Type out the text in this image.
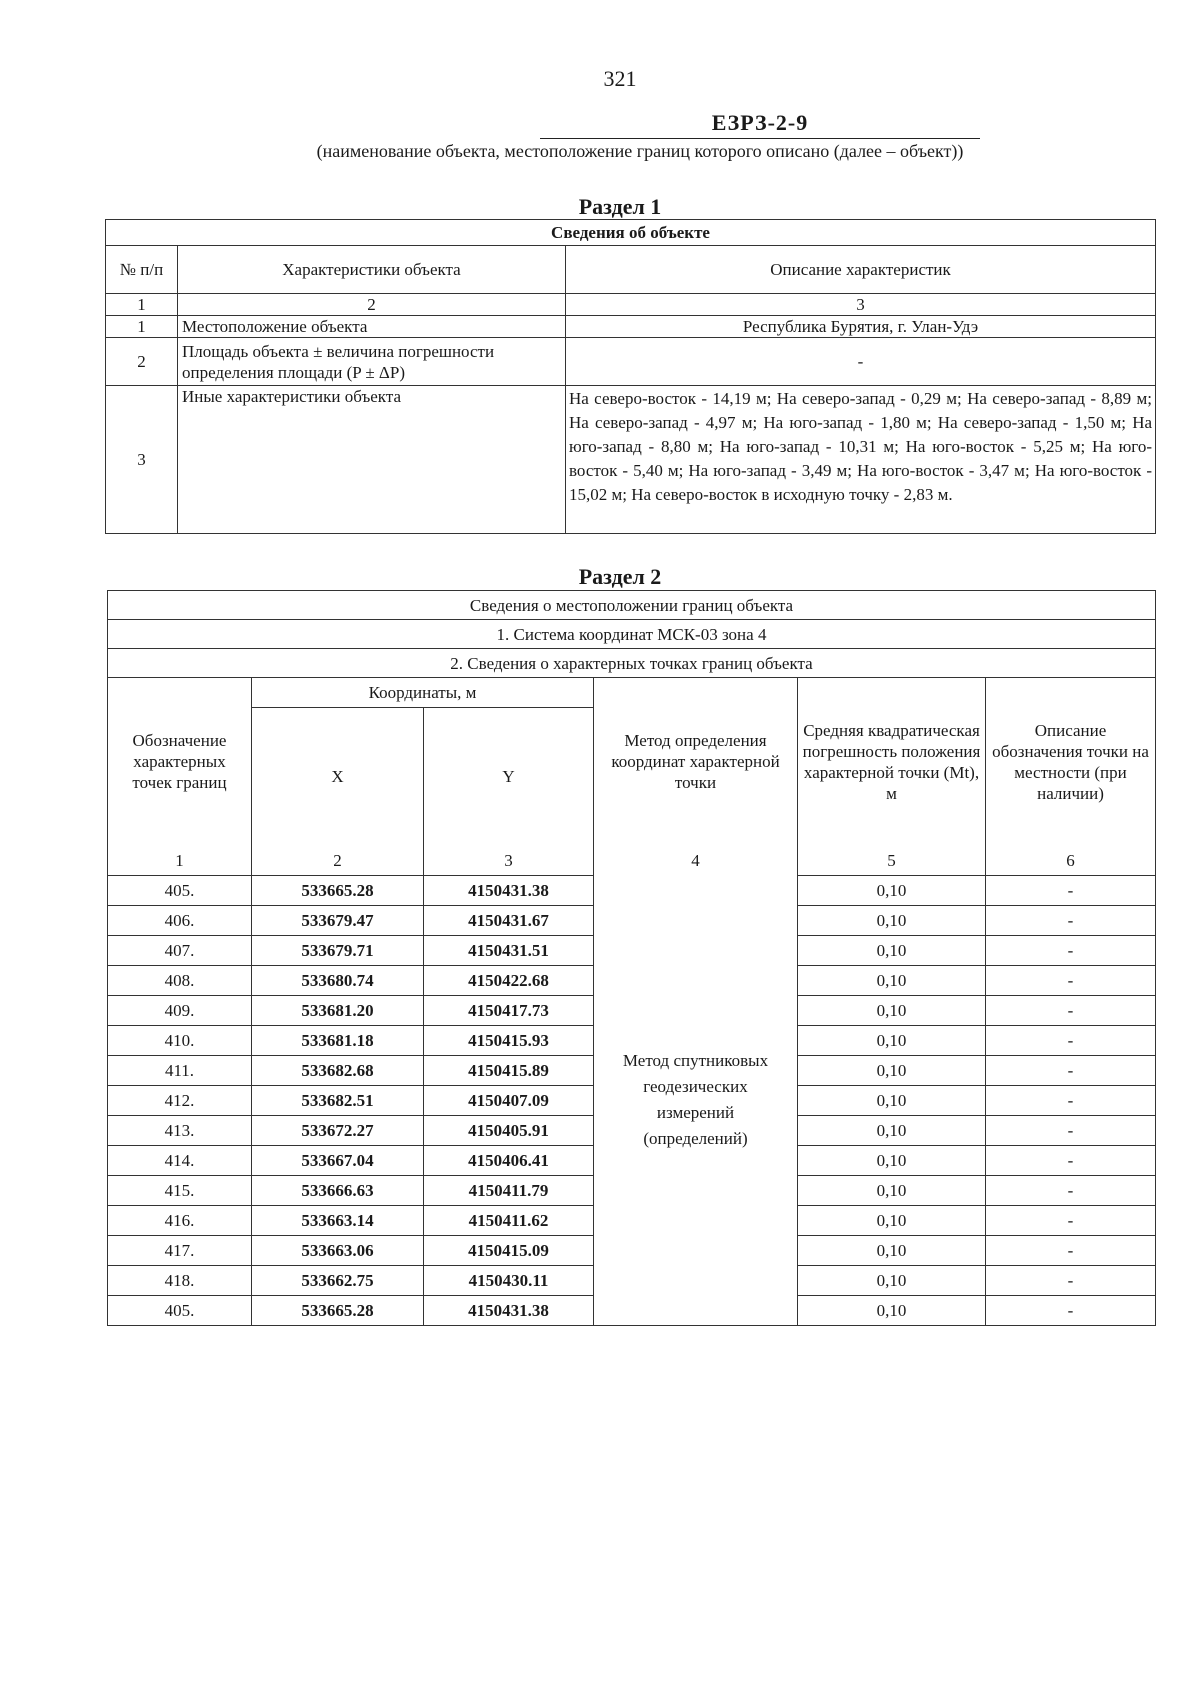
321
ЕЗРЗ-2-9
(наименование объекта, местоположение границ которого описано (далее – объект))
Раздел 1
Сведения об объекте		
№ п/п	Характеристики объекта	Описание характеристик
1	2	3
1	Местоположение объекта	Республика Бурятия, г. Улан-Удэ
2	Площадь объекта ± величина погрешности определения площади (P ± ΔP)	-
3	Иные характеристики объекта	На северо-восток - 14,19 м; На северо-запад - 0,29 м; На северо-запад - 8,89 м; На северо-запад - 4,97 м; На юго-запад - 1,80 м; На северо-запад - 1,50 м; На юго-запад - 8,80 м; На юго-запад - 10,31 м; На юго-восток - 5,25 м; На юго-восток - 5,40 м; На юго-запад - 3,49 м; На юго-восток - 3,47 м; На юго-восток - 15,02 м; На северо-восток в исходную точку - 2,83 м.
Раздел 2
Сведения о местоположении границ объекта					
1. Система координат МСК-03 зона 4					
2. Сведения о характерных точках границ объекта					
Обозначение характерных точек границ	Координаты, м		Метод определения координат характерной точки	Средняя квадратическая погрешность положения характерной точки (Mt), м	Описание обозначения точки на местности (при наличии)
	X	Y			
1	2	3	4	5	6
405.	533665.28	4150431.38	Метод спутниковых геодезических измерений (определений)	0,10	-
406.	533679.47	4150431.67		0,10	-
407.	533679.71	4150431.51		0,10	-
408.	533680.74	4150422.68		0,10	-
409.	533681.20	4150417.73		0,10	-
410.	533681.18	4150415.93		0,10	-
411.	533682.68	4150415.89		0,10	-
412.	533682.51	4150407.09		0,10	-
413.	533672.27	4150405.91		0,10	-
414.	533667.04	4150406.41		0,10	-
415.	533666.63	4150411.79		0,10	-
416.	533663.14	4150411.62		0,10	-
417.	533663.06	4150415.09		0,10	-
418.	533662.75	4150430.11		0,10	-
405.	533665.28	4150431.38		0,10	-
